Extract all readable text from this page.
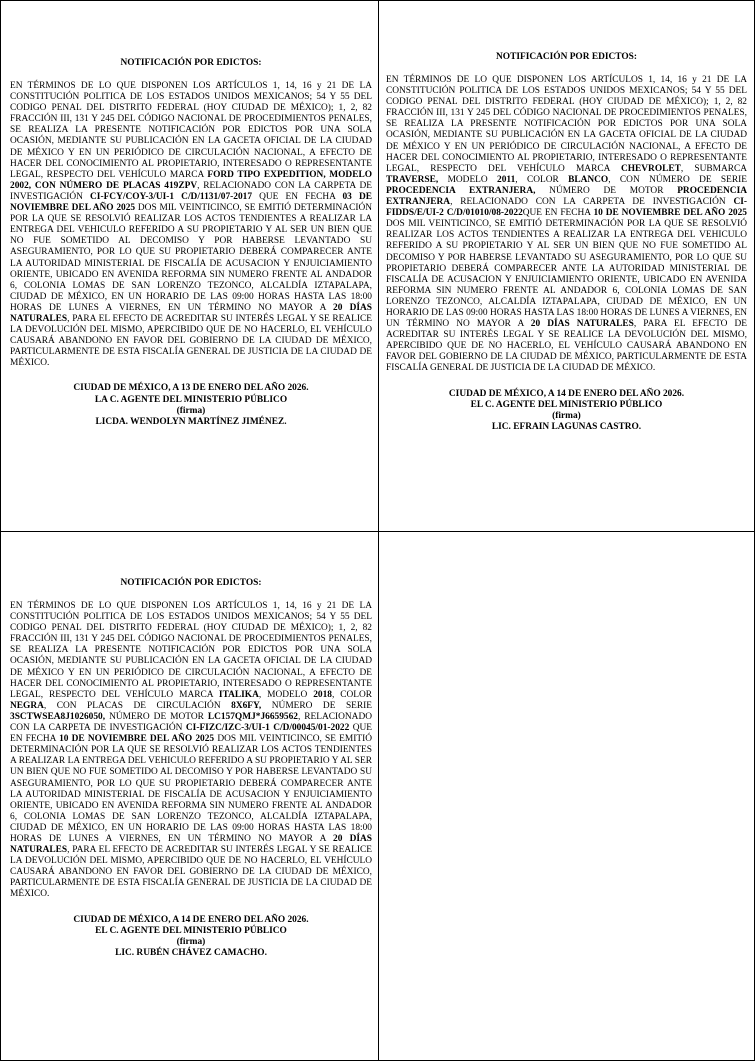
NOTIFICACIÓN POR EDICTOS:

EN TÉRMINOS DE LO QUE DISPONEN LOS ARTÍCULOS 1, 14, 16 y 21 DE LA CONSTITUCIÓN POLITICA DE LOS ESTADOS UNIDOS MEXICANOS; 54 Y 55 DEL CODIGO PENAL DEL DISTRITO FEDERAL (HOY CIUDAD DE MÉXICO); 1, 2, 82 FRACCIÓN III, 131 Y 245 DEL CÓDIGO NACIONAL DE PROCEDIMIENTOS PENALES, SE REALIZA LA PRESENTE NOTIFICACIÓN POR EDICTOS POR UNA SOLA OCASIÓN, MEDIANTE SU PUBLICACIÓN EN LA GACETA OFICIAL DE LA CIUDAD DE MÉXICO Y EN UN PERIÓDICO DE CIRCULACIÓN NACIONAL, A EFECTO DE HACER DEL CONOCIMIENTO AL PROPIETARIO, INTERESADO O REPRESENTANTE LEGAL, RESPECTO DEL VEHÍCULO MARCA FORD TIPO EXPEDITION, MODELO 2002, CON NÚMERO DE PLACAS 419ZPV, RELACIONADO CON LA CARPETA DE INVESTIGACIÓN CI-FCY/COY-3/UI-1 C/D/1131/07-2017 QUE EN FECHA 03 DE NOVIEMBRE DEL AÑO 2025 DOS MIL VEINTICINCO, SE EMITIÓ DETERMINACIÓN POR LA QUE SE RESOLVIÓ REALIZAR LOS ACTOS TENDIENTES A REALIZAR LA ENTREGA DEL VEHICULO REFERIDO A SU PROPIETARIO Y AL SER UN BIEN QUE NO FUE SOMETIDO AL DECOMISO Y POR HABERSE LEVANTADO SU ASEGURAMIENTO, POR LO QUE SU PROPIETARIO DEBERÁ COMPARECER ANTE LA AUTORIDAD MINISTERIAL DE FISCALÍA DE ACUSACION Y ENJUICIAMIENTO ORIENTE, UBICADO EN AVENIDA REFORMA SIN NUMERO FRENTE AL ANDADOR 6, COLONIA LOMAS DE SAN LORENZO TEZONCO, ALCALDÍA IZTAPALAPA, CIUDAD DE MÉXICO, EN UN HORARIO DE LAS 09:00 HORAS HASTA LAS 18:00 HORAS DE LUNES A VIERNES, EN UN TÉRMINO NO MAYOR A 20 DÍAS NATURALES, PARA EL EFECTO DE ACREDITAR SU INTERÉS LEGAL Y SE REALICE LA DEVOLUCIÓN DEL MISMO, APERCIBIDO QUE DE NO HACERLO, EL VEHÍCULO CAUSARÁ ABANDONO EN FAVOR DEL GOBIERNO DE LA CIUDAD DE MÉXICO, PARTICULARMENTE DE ESTA FISCALÍA GENERAL DE JUSTICIA DE LA CIUDAD DE MÉXICO.

CIUDAD DE MÉXICO, A 13 DE ENERO DEL AÑO 2026.
LA C. AGENTE DEL MINISTERIO PÚBLICO
(firma)
LICDA. WENDOLYN MARTÍNEZ JIMÉNEZ.

NOTIFICACIÓN POR EDICTOS:

EN TÉRMINOS DE LO QUE DISPONEN LOS ARTÍCULOS 1, 14, 16 y 21 DE LA CONSTITUCIÓN POLITICA DE LOS ESTADOS UNIDOS MEXICANOS; 54 Y 55 DEL CODIGO PENAL DEL DISTRITO FEDERAL (HOY CIUDAD DE MÉXICO); 1, 2, 82 FRACCIÓN III, 131 Y 245 DEL CÓDIGO NACIONAL DE PROCEDIMIENTOS PENALES, SE REALIZA LA PRESENTE NOTIFICACIÓN POR EDICTOS POR UNA SOLA OCASIÓN, MEDIANTE SU PUBLICACIÓN EN LA GACETA OFICIAL DE LA CIUDAD DE MÉXICO Y EN UN PERIÓDICO DE CIRCULACIÓN NACIONAL, A EFECTO DE HACER DEL CONOCIMIENTO AL PROPIETARIO, INTERESADO O REPRESENTANTE LEGAL, RESPECTO DEL VEHÍCULO MARCA CHEVROLET, SUBMARCA TRAVERSE, MODELO 2011, COLOR BLANCO, CON NÚMERO DE SERIE PROCEDENCIA EXTRANJERA, NÚMERO DE MOTOR PROCEDENCIA EXTRANJERA, RELACIONADO CON LA CARPETA DE INVESTIGACIÓN CI-FIDDS/E/UI-2 C/D/01010/08-2022QUE EN FECHA 10 DE NOVIEMBRE DEL AÑO 2025 DOS MIL VEINTICINCO, SE EMITIÓ DETERMINACIÓN POR LA QUE SE RESOLVIÓ REALIZAR LOS ACTOS TENDIENTES A REALIZAR LA ENTREGA DEL VEHICULO REFERIDO A SU PROPIETARIO Y AL SER UN BIEN QUE NO FUE SOMETIDO AL DECOMISO Y POR HABERSE LEVANTADO SU ASEGURAMIENTO, POR LO QUE SU PROPIETARIO DEBERÁ COMPARECER ANTE LA AUTORIDAD MINISTERIAL DE FISCALÍA DE ACUSACION Y ENJUICIAMIENTO ORIENTE, UBICADO EN AVENIDA REFORMA SIN NUMERO FRENTE AL ANDADOR 6, COLONIA LOMAS DE SAN LORENZO TEZONCO, ALCALDÍA IZTAPALAPA, CIUDAD DE MÉXICO, EN UN HORARIO DE LAS 09:00 HORAS HASTA LAS 18:00 HORAS DE LUNES A VIERNES, EN UN TÉRMINO NO MAYOR A 20 DÍAS NATURALES, PARA EL EFECTO DE ACREDITAR SU INTERÉS LEGAL Y SE REALICE LA DEVOLUCIÓN DEL MISMO, APERCIBIDO QUE DE NO HACERLO, EL VEHÍCULO CAUSARÁ ABANDONO EN FAVOR DEL GOBIERNO DE LA CIUDAD DE MÉXICO, PARTICULARMENTE DE ESTA FISCALÍA GENERAL DE JUSTICIA DE LA CIUDAD DE MÉXICO.

CIUDAD DE MÉXICO, A 14 DE ENERO DEL AÑO 2026.
EL C. AGENTE DEL MINISTERIO PÚBLICO
(firma)
LIC. EFRAIN LAGUNAS CASTRO.

NOTIFICACIÓN POR EDICTOS:

EN TÉRMINOS DE LO QUE DISPONEN LOS ARTÍCULOS 1, 14, 16 y 21 DE LA CONSTITUCIÓN POLITICA DE LOS ESTADOS UNIDOS MEXICANOS; 54 Y 55 DEL CODIGO PENAL DEL DISTRITO FEDERAL (HOY CIUDAD DE MÉXICO); 1, 2, 82 FRACCIÓN III, 131 Y 245 DEL CÓDIGO NACIONAL DE PROCEDIMIENTOS PENALES, SE REALIZA LA PRESENTE NOTIFICACIÓN POR EDICTOS POR UNA SOLA OCASIÓN, MEDIANTE SU PUBLICACIÓN EN LA GACETA OFICIAL DE LA CIUDAD DE MÉXICO Y EN UN PERIÓDICO DE CIRCULACIÓN NACIONAL, A EFECTO DE HACER DEL CONOCIMIENTO AL PROPIETARIO, INTERESADO O REPRESENTANTE LEGAL, RESPECTO DEL VEHÍCULO MARCA ITALIKA, MODELO 2018, COLOR NEGRA, CON PLACAS DE CIRCULACIÓN 8X6FY, NÚMERO DE SERIE 3SCTWSEA8J1026050, NÚMERO DE MOTOR LC157QMJ*J6659562, RELACIONADO CON LA CARPETA DE INVESTIGACIÓN CI-FIZC/IZC-3/UI-1 C/D/00045/01-2022 QUE EN FECHA 10 DE NOVIEMBRE DEL AÑO 2025 DOS MIL VEINTICINCO, SE EMITIÓ DETERMINACIÓN POR LA QUE SE RESOLVIÓ REALIZAR LOS ACTOS TENDIENTES A REALIZAR LA ENTREGA DEL VEHICULO REFERIDO A SU PROPIETARIO Y AL SER UN BIEN QUE NO FUE SOMETIDO AL DECOMISO Y POR HABERSE LEVANTADO SU ASEGURAMIENTO, POR LO QUE SU PROPIETARIO DEBERÁ COMPARECER ANTE LA AUTORIDAD MINISTERIAL DE FISCALÍA DE ACUSACION Y ENJUICIAMIENTO ORIENTE, UBICADO EN AVENIDA REFORMA SIN NUMERO FRENTE AL ANDADOR 6, COLONIA LOMAS DE SAN LORENZO TEZONCO, ALCALDÍA IZTAPALAPA, CIUDAD DE MÉXICO, EN UN HORARIO DE LAS 09:00 HORAS HASTA LAS 18:00 HORAS DE LUNES A VIERNES, EN UN TÉRMINO NO MAYOR A 20 DÍAS NATURALES, PARA EL EFECTO DE ACREDITAR SU INTERÉS LEGAL Y SE REALICE LA DEVOLUCIÓN DEL MISMO, APERCIBIDO QUE DE NO HACERLO, EL VEHÍCULO CAUSARÁ ABANDONO EN FAVOR DEL GOBIERNO DE LA CIUDAD DE MÉXICO, PARTICULARMENTE DE ESTA FISCALÍA GENERAL DE JUSTICIA DE LA CIUDAD DE MÉXICO.

CIUDAD DE MÉXICO, A 14 DE ENERO DEL AÑO 2026.
EL C. AGENTE DEL MINISTERIO PÚBLICO
(firma)
LIC. RUBÉN CHÁVEZ CAMACHO.
